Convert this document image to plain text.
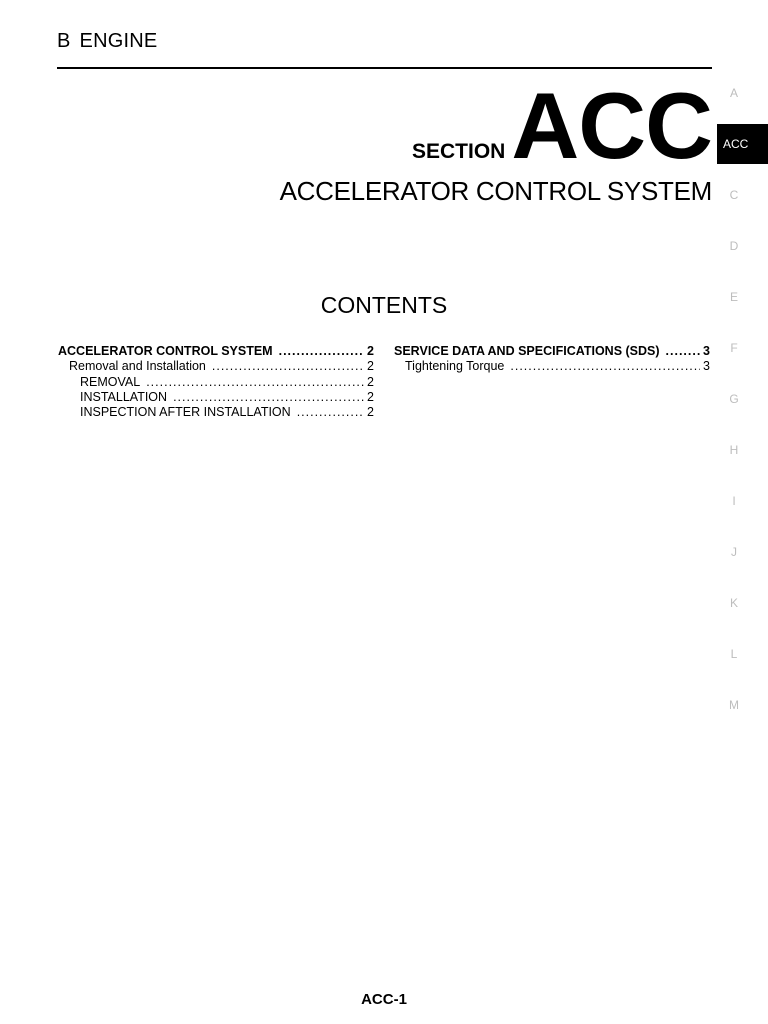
B ENGINE
SECTION ACC
ACCELERATOR CONTROL SYSTEM
CONTENTS
ACCELERATOR CONTROL SYSTEM .....	2
Removal and Installation .....	2
REMOVAL .....	2
INSTALLATION .....	2
INSPECTION AFTER INSTALLATION .....	2
SERVICE DATA AND SPECIFICATIONS (SDS) .....	3
Tightening Torque .....	3
A
ACC
C
D
E
F
G
H
I
J
K
L
M
ACC-1
